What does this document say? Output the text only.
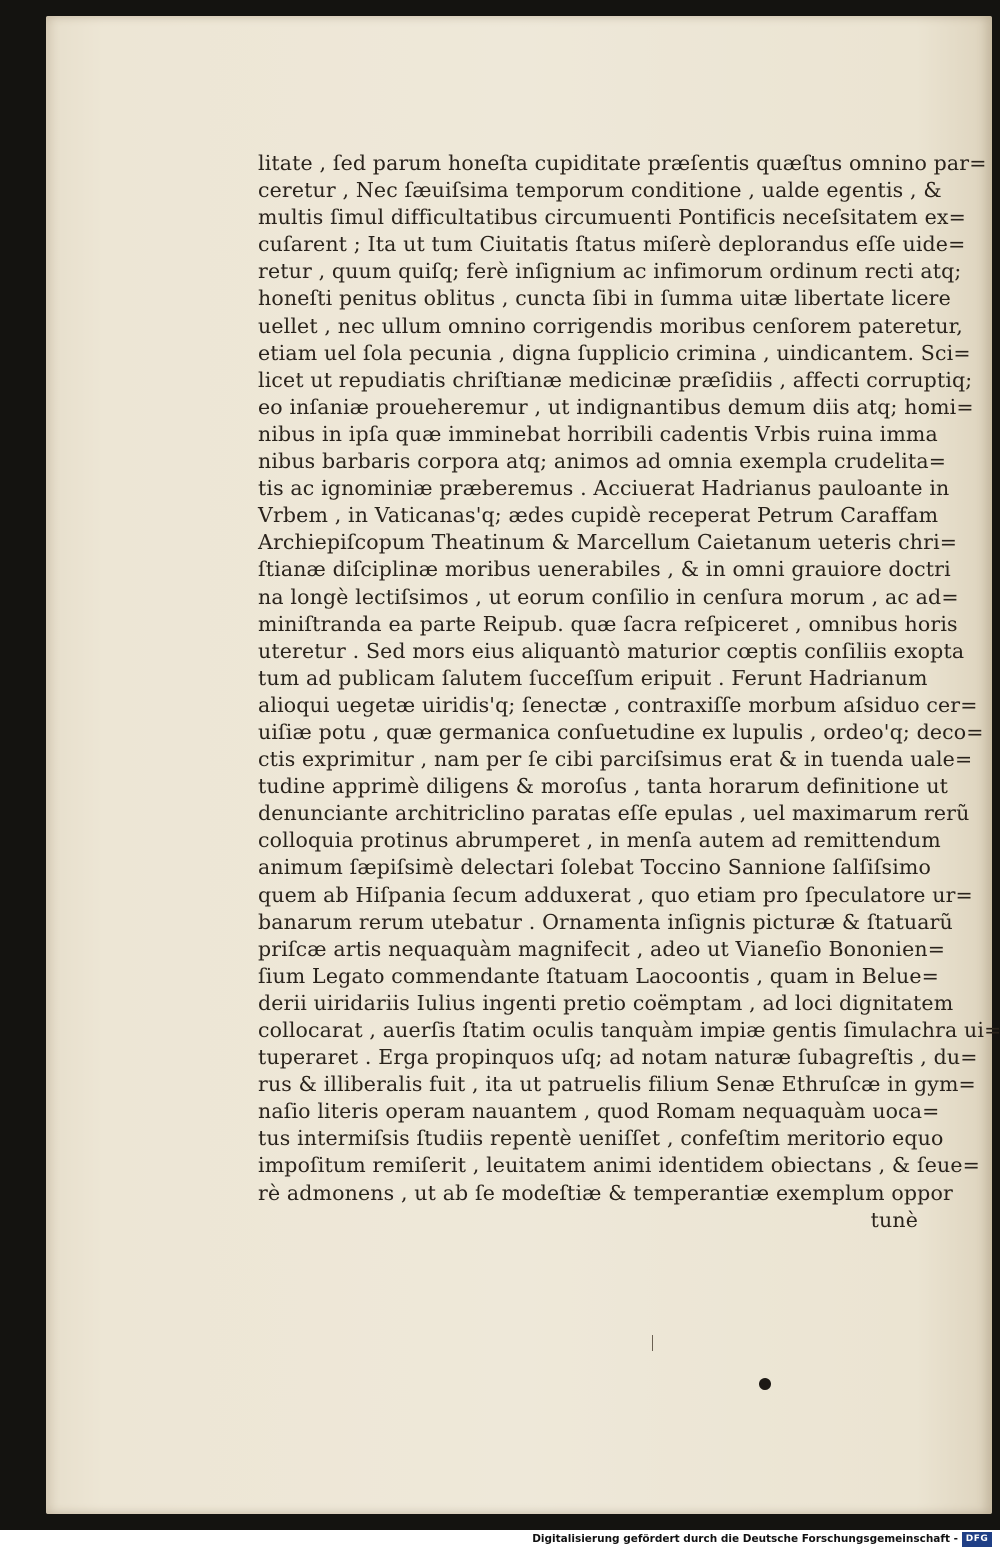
litate , ſed parum honeſta cupiditate præſentis quæſtus omnino par=
ceretur , Nec ſæuiſsima temporum conditione , ualde egentis , &
multis ſimul difficultatibus circumuenti Pontificis neceſsitatem ex=
cuſarent ; Ita ut tum Ciuitatis ſtatus miſerè deplorandus eſſe uide=
retur , quum quiſq; ferè inſignium ac infimorum ordinum recti atq;
honeſti penitus oblitus , cuncta ſibi in ſumma uitæ libertate licere
uellet , nec ullum omnino corrigendis moribus cenſorem pateretur,
etiam uel ſola pecunia , digna ſupplicio crimina , uindicantem. Sci=
licet ut repudiatis chriſtianæ medicinæ præſidiis , affecti corruptiq;
eo inſaniæ proueheremur , ut indignantibus demum diis atq; homi=
nibus in ipſa quæ imminebat horribili cadentis Vrbis ruina imma
nibus barbaris corpora atq; animos ad omnia exempla crudelita=
tis ac ignominiæ præberemus . Acciuerat Hadrianus pauloante in
Vrbem , in Vaticanas'q; ædes cupidè receperat Petrum Caraffam
Archiepiſcopum Theatinum & Marcellum Caietanum ueteris chri=
ſtianæ diſciplinæ moribus uenerabiles , & in omni grauiore doctri
na longè lectiſsimos , ut eorum conſilio in cenſura morum , ac ad=
miniſtranda ea parte Reipub. quæ ſacra reſpiceret , omnibus horis
uteretur . Sed mors eius aliquantò maturior cœptis conſiliis exopta
tum ad publicam ſalutem ſucceſſum eripuit . Ferunt Hadrianum
alioqui uegetæ uiridis'q; ſenectæ , contraxiſſe morbum aſsiduo cer=
uiſiæ potu , quæ germanica conſuetudine ex lupulis , ordeo'q; deco=
ctis exprimitur , nam per ſe cibi parciſsimus erat & in tuenda uale=
tudine apprimè diligens & moroſus , tanta horarum definitione ut
denunciante architriclino paratas eſſe epulas , uel maximarum rerũ
colloquia protinus abrumperet , in menſa autem ad remittendum
animum ſæpiſsimè delectari ſolebat Toccino Sannione ſalſiſsimo
quem ab Hiſpania ſecum adduxerat , quo etiam pro ſpeculatore ur=
banarum rerum utebatur . Ornamenta inſignis picturæ & ſtatuarũ
priſcæ artis nequaquàm magnifecit , adeo ut Vianeſio Bononien=
ſium Legato commendante ſtatuam Laocoontis , quam in Belue=
derii uiridariis Iulius ingenti pretio coëmptam , ad loci dignitatem
collocarat , auerſis ſtatim oculis tanquàm impiæ gentis ſimulachra ui=
tuperaret . Erga propinquos uſq; ad notam naturæ ſubagreſtis , du=
rus & illiberalis fuit , ita ut patruelis filium Senæ Ethruſcæ in gym=
naſio literis operam nauantem , quod Romam nequaquàm uoca=
tus intermiſsis ſtudiis repentè ueniſſet , confeſtim meritorio equo
impoſitum remiſerit , leuitatem animi identidem obiectans , & ſeue=
rè admonens , ut ab ſe modeſtiæ & temperantiæ exemplum oppor
tunè
Digitalisierung gefördert durch die Deutsche Forschungsgemeinschaft - DFG
